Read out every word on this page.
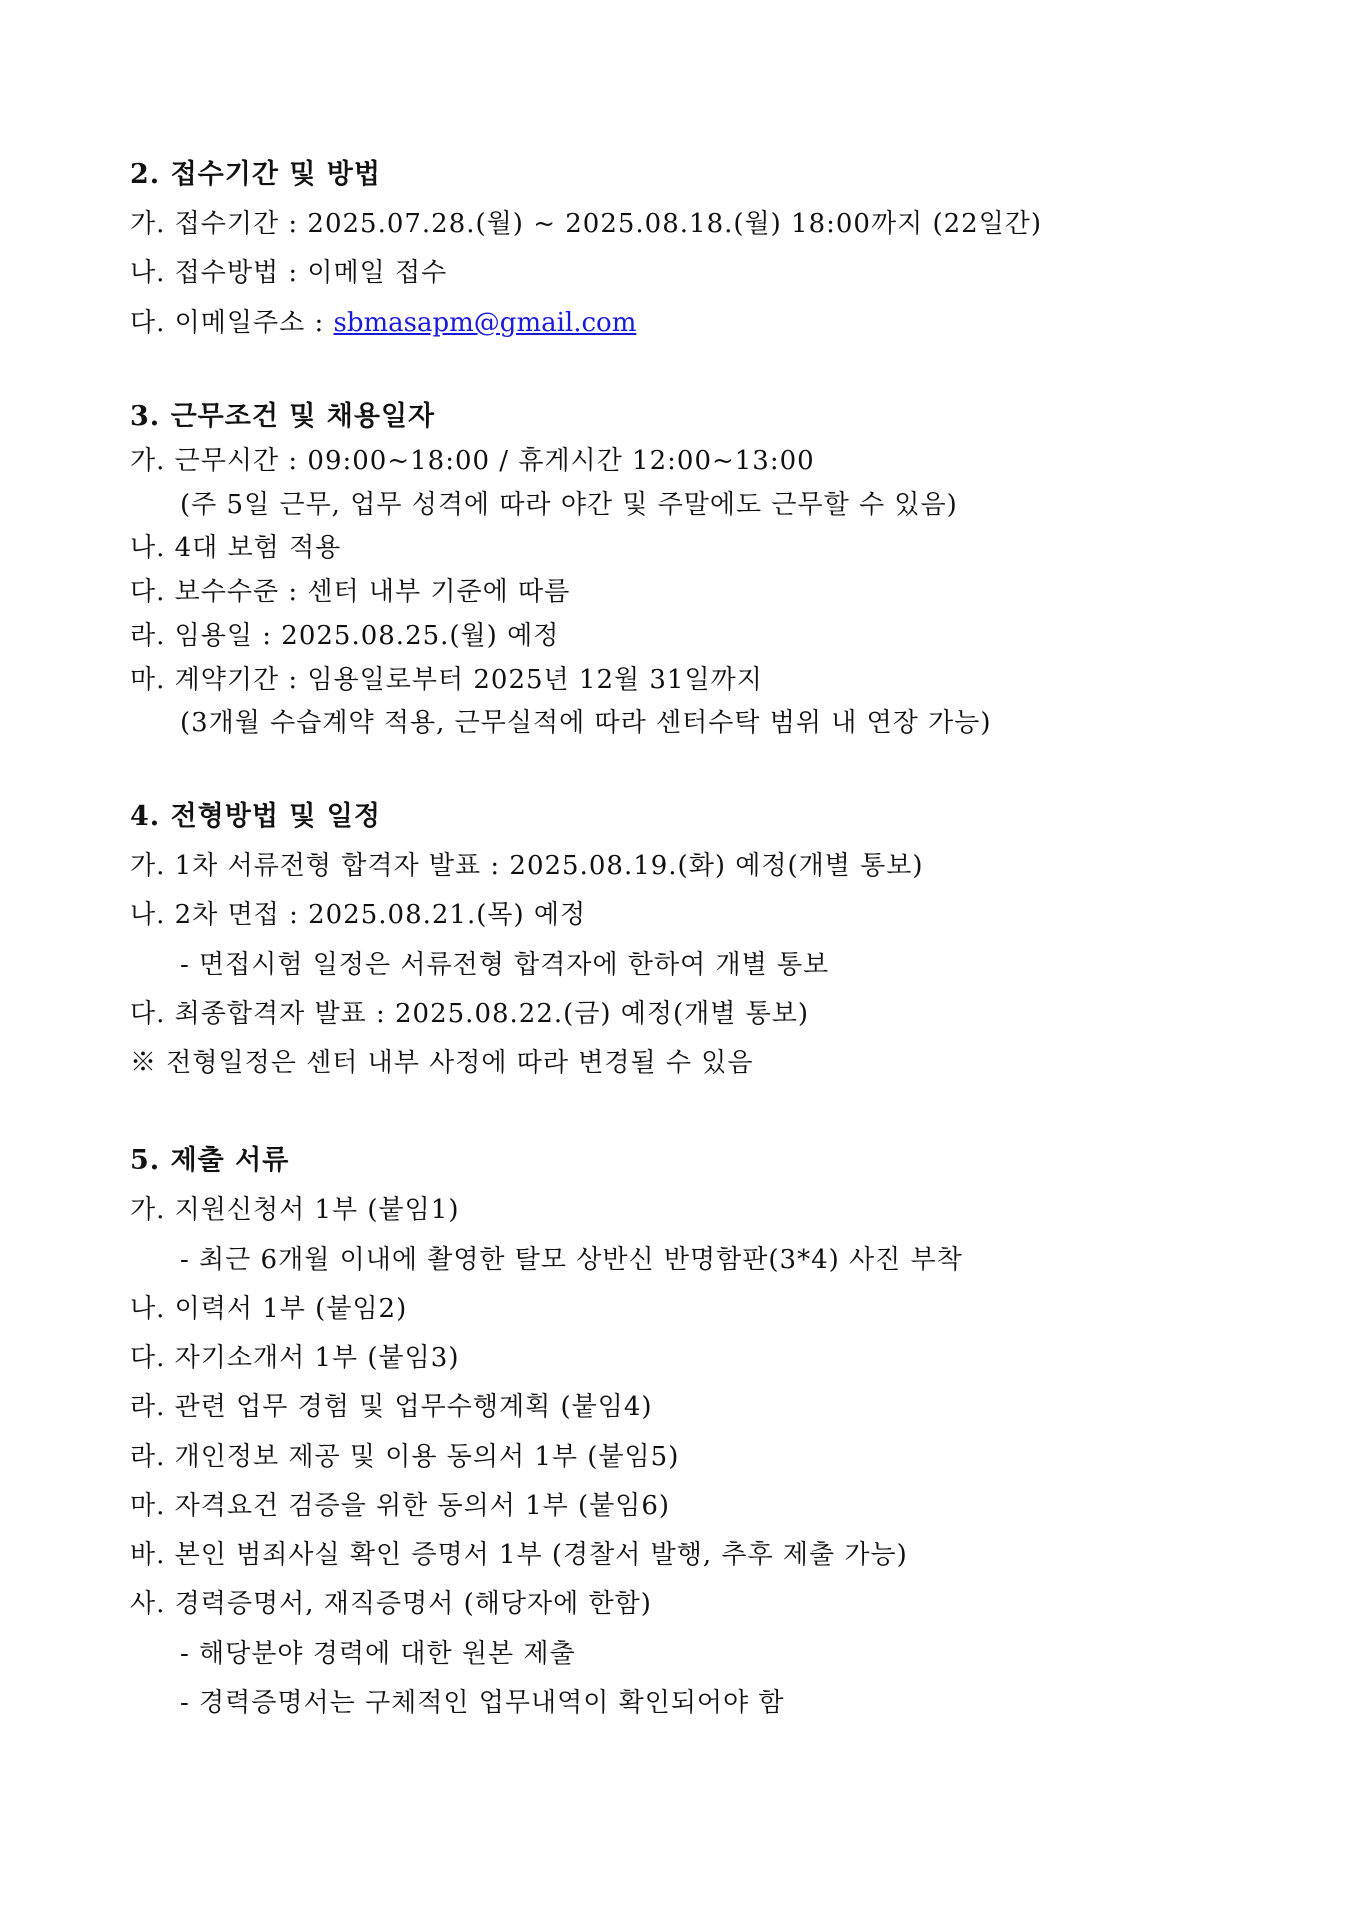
2. 접수기간 및 방법
가. 접수기간 : 2025.07.28.(월) ~ 2025.08.18.(월) 18:00까지 (22일간)
나. 접수방법 : 이메일 접수
다. 이메일주소 : sbmasapm@gmail.com
3. 근무조건 및 채용일자
가. 근무시간 : 09:00~18:00 / 휴게시간 12:00~13:00
(주 5일 근무, 업무 성격에 따라 야간 및 주말에도 근무할 수 있음)
나. 4대 보험 적용
다. 보수수준 : 센터 내부 기준에 따름
라. 임용일 : 2025.08.25.(월) 예정
마. 계약기간 : 임용일로부터 2025년 12월 31일까지
(3개월 수습계약 적용, 근무실적에 따라 센터수탁 범위 내 연장 가능)
4. 전형방법 및 일정
가. 1차 서류전형 합격자 발표 : 2025.08.19.(화) 예정(개별 통보)
나. 2차 면접 : 2025.08.21.(목) 예정
- 면접시험 일정은 서류전형 합격자에 한하여 개별 통보
다. 최종합격자 발표 : 2025.08.22.(금) 예정(개별 통보)
※ 전형일정은 센터 내부 사정에 따라 변경될 수 있음
5. 제출 서류
가. 지원신청서 1부 (붙임1)
- 최근 6개월 이내에 촬영한 탈모 상반신 반명함판(3*4) 사진 부착
나. 이력서 1부 (붙임2)
다. 자기소개서 1부 (붙임3)
라. 관련 업무 경험 및 업무수행계획 (붙임4)
라. 개인정보 제공 및 이용 동의서 1부 (붙임5)
마. 자격요건 검증을 위한 동의서 1부 (붙임6)
바. 본인 범죄사실 확인 증명서 1부 (경찰서 발행, 추후 제출 가능)
사. 경력증명서, 재직증명서 (해당자에 한함)
- 해당분야 경력에 대한 원본 제출
- 경력증명서는 구체적인 업무내역이 확인되어야 함
